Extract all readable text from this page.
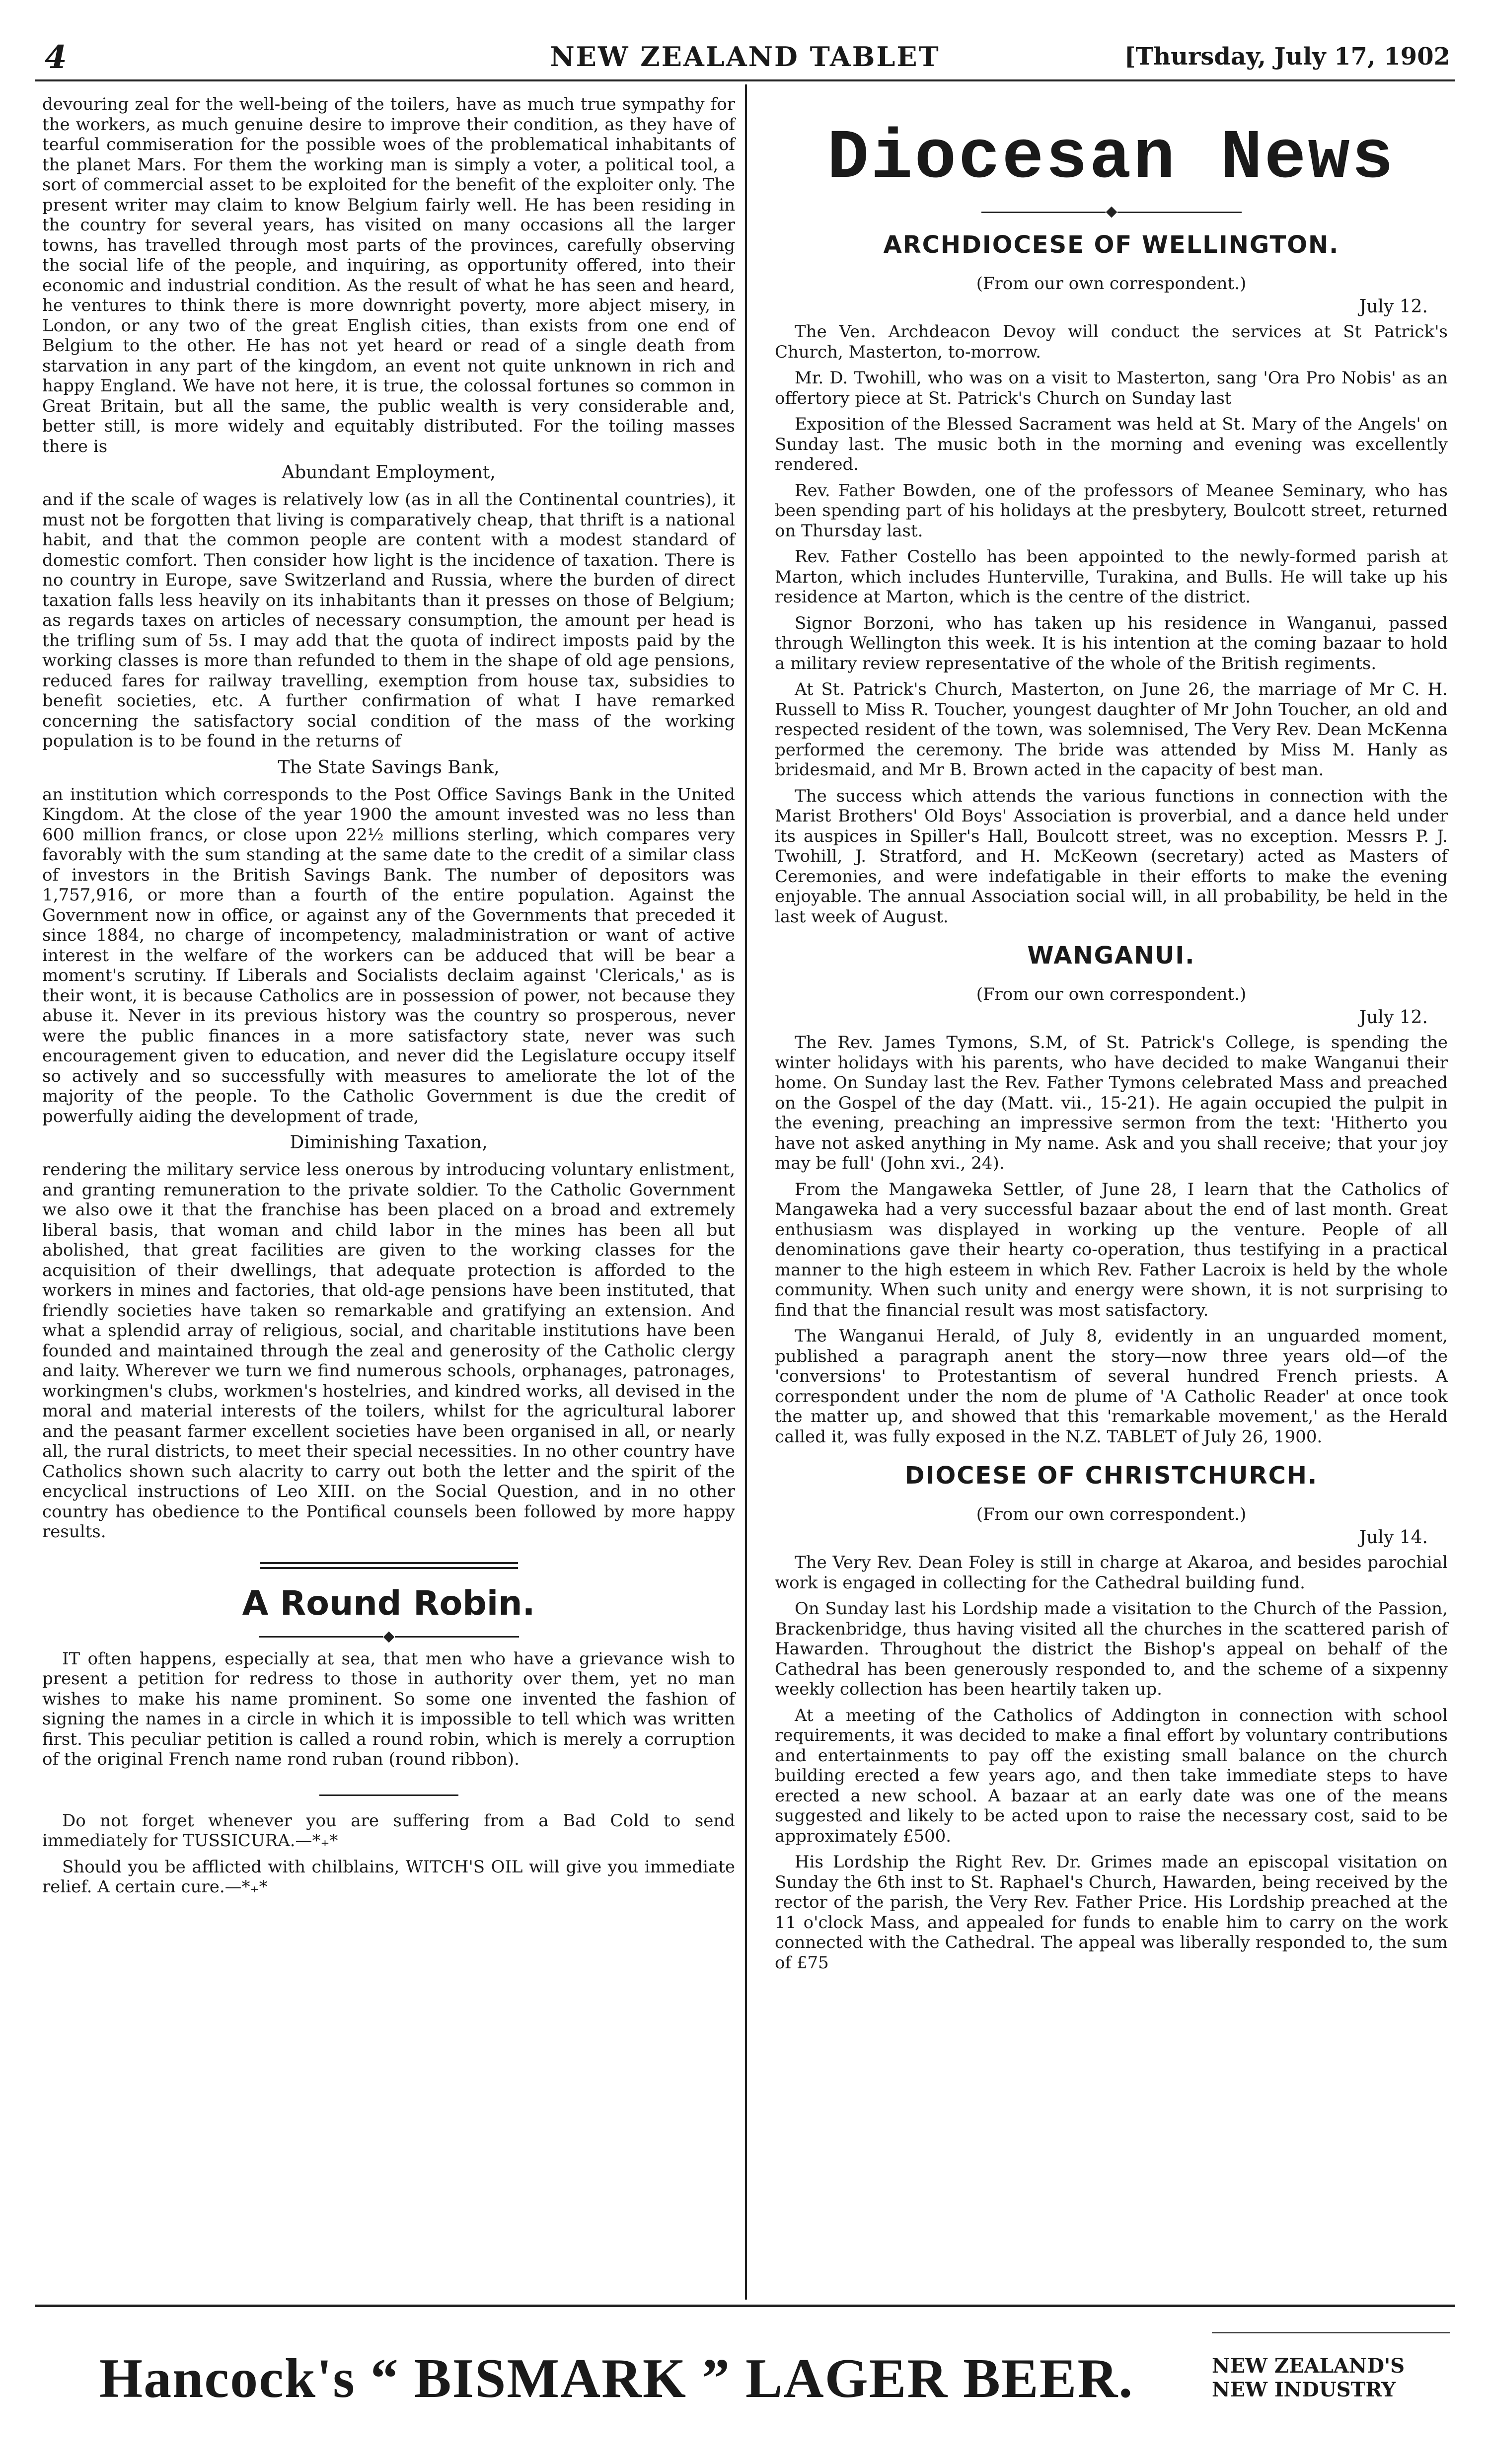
4	NEW ZEALAND TABLET	[Thursday, July 17, 1902

devouring zeal for the well-being of the toilers, have as much true sympathy for the workers, as much genuine desire to improve their condition, as they have of tearful commiseration for the possible woes of the problematical inhabitants of the planet Mars. For them the working man is simply a voter, a political tool, a sort of commercial asset to be exploited for the benefit of the exploiter only. The present writer may claim to know Belgium fairly well. He has been residing in the country for several years, has visited on many occasions all the larger towns, has travelled through most parts of the provinces, carefully observing the social life of the people, and inquiring, as opportunity offered, into their economic and industrial condition. As the result of what he has seen and heard, he ventures to think there is more downright poverty, more abject misery, in London, or any two of the great English cities, than exists from one end of Belgium to the other. He has not yet heard or read of a single death from starvation in any part of the kingdom, an event not quite unknown in rich and happy England. We have not here, it is true, the colossal fortunes so common in Great Britain, but all the same, the public wealth is very considerable and, better still, is more widely and equitably distributed. For the toiling masses there is

Abundant Employment,

and if the scale of wages is relatively low (as in all the Continental countries), it must not be forgotten that living is comparatively cheap, that thrift is a national habit, and that the common people are content with a modest standard of domestic comfort. Then consider how light is the incidence of taxation. There is no country in Europe, save Switzerland and Russia, where the burden of direct taxation falls less heavily on its inhabitants than it presses on those of Belgium; as regards taxes on articles of necessary consumption, the amount per head is the trifling sum of 5s. I may add that the quota of indirect imposts paid by the working classes is more than refunded to them in the shape of old age pensions, reduced fares for railway travelling, exemption from house tax, subsidies to benefit societies, etc. A further confirmation of what I have remarked concerning the satisfactory social condition of the mass of the working population is to be found in the returns of

The State Savings Bank,

an institution which corresponds to the Post Office Savings Bank in the United Kingdom. At the close of the year 1900 the amount invested was no less than 600 million francs, or close upon 22½ millions sterling, which compares very favorably with the sum standing at the same date to the credit of a similar class of investors in the British Savings Bank. The number of depositors was 1,757,916, or more than a fourth of the entire population. Against the Government now in office, or against any of the Governments that preceded it since 1884, no charge of incompetency, maladministration or want of active interest in the welfare of the workers can be adduced that will be bear a moment's scrutiny. If Liberals and Socialists declaim against 'Clericals,' as is their wont, it is because Catholics are in possession of power, not because they abuse it. Never in its previous history was the country so prosperous, never were the public finances in a more satisfactory state, never was such encouragement given to education, and never did the Legislature occupy itself so actively and so successfully with measures to ameliorate the lot of the majority of the people. To the Catholic Government is due the credit of powerfully aiding the development of trade,

Diminishing Taxation,

rendering the military service less onerous by introducing voluntary enlistment, and granting remuneration to the private soldier. To the Catholic Government we also owe it that the franchise has been placed on a broad and extremely liberal basis, that woman and child labor in the mines has been all but abolished, that great facilities are given to the working classes for the acquisition of their dwellings, that adequate protection is afforded to the workers in mines and factories, that old-age pensions have been instituted, that friendly societies have taken so remarkable and gratifying an extension. And what a splendid array of religious, social, and charitable institutions have been founded and maintained through the zeal and generosity of the Catholic clergy and laity. Wherever we turn we find numerous schools, orphanages, patronages, workingmen's clubs, workmen's hostelries, and kindred works, all devised in the moral and material interests of the toilers, whilst for the agricultural laborer and the peasant farmer excellent societies have been organised in all, or nearly all, the rural districts, to meet their special necessities. In no other country have Catholics shown such alacrity to carry out both the letter and the spirit of the encyclical instructions of Leo XIII. on the Social Question, and in no other country has obedience to the Pontifical counsels been followed by more happy results.

A Round Robin.

IT often happens, especially at sea, that men who have a grievance wish to present a petition for redress to those in authority over them, yet no man wishes to make his name prominent. So some one invented the fashion of signing the names in a circle in which it is impossible to tell which was written first. This peculiar petition is called a round robin, which is merely a corruption of the original French name rond ruban (round ribbon).

Do not forget whenever you are suffering from a Bad Cold to send immediately for TUSSICURA.—*₊*

Should you be afflicted with chilblains, WITCH'S OIL will give you immediate relief. A certain cure.—*₊*

Diocesan News
ARCHDIOCESE OF WELLINGTON.
(From our own correspondent.)
July 12.

The Ven. Archdeacon Devoy will conduct the services at St Patrick's Church, Masterton, to-morrow.

Mr. D. Twohill, who was on a visit to Masterton, sang 'Ora Pro Nobis' as an offertory piece at St. Patrick's Church on Sunday last

Exposition of the Blessed Sacrament was held at St. Mary of the Angels' on Sunday last. The music both in the morning and evening was excellently rendered.

Rev. Father Bowden, one of the professors of Meanee Seminary, who has been spending part of his holidays at the presbytery, Boulcott street, returned on Thursday last.

Rev. Father Costello has been appointed to the newly-formed parish at Marton, which includes Hunterville, Turakina, and Bulls. He will take up his residence at Marton, which is the centre of the district.

Signor Borzoni, who has taken up his residence in Wanganui, passed through Wellington this week. It is his intention at the coming bazaar to hold a military review representative of the whole of the British regiments.

At St. Patrick's Church, Masterton, on June 26, the marriage of Mr C. H. Russell to Miss R. Toucher, youngest daughter of Mr John Toucher, an old and respected resident of the town, was solemnised, The Very Rev. Dean McKenna performed the ceremony. The bride was attended by Miss M. Hanly as bridesmaid, and Mr B. Brown acted in the capacity of best man.

The success which attends the various functions in connection with the Marist Brothers' Old Boys' Association is proverbial, and a dance held under its auspices in Spiller's Hall, Boulcott street, was no exception. Messrs P. J. Twohill, J. Stratford, and H. McKeown (secretary) acted as Masters of Ceremonies, and were indefatigable in their efforts to make the evening enjoyable. The annual Association social will, in all probability, be held in the last week of August.

WANGANUI.
(From our own correspondent.)
July 12.

The Rev. James Tymons, S.M, of St. Patrick's College, is spending the winter holidays with his parents, who have decided to make Wanganui their home. On Sunday last the Rev. Father Tymons celebrated Mass and preached on the Gospel of the day (Matt. vii., 15-21). He again occupied the pulpit in the evening, preaching an impressive sermon from the text: 'Hitherto you have not asked anything in My name. Ask and you shall receive; that your joy may be full' (John xvi., 24).

From the Mangaweka Settler, of June 28, I learn that the Catholics of Mangaweka had a very successful bazaar about the end of last month. Great enthusiasm was displayed in working up the venture. People of all denominations gave their hearty co-operation, thus testifying in a practical manner to the high esteem in which Rev. Father Lacroix is held by the whole community. When such unity and energy were shown, it is not surprising to find that the financial result was most satisfactory.

The Wanganui Herald, of July 8, evidently in an unguarded moment, published a paragraph anent the story—now three years old—of the 'conversions' to Protestantism of several hundred French priests. A correspondent under the nom de plume of 'A Catholic Reader' at once took the matter up, and showed that this 'remarkable movement,' as the Herald called it, was fully exposed in the N.Z. TABLET of July 26, 1900.

DIOCESE OF CHRISTCHURCH.
(From our own correspondent.)
July 14.

The Very Rev. Dean Foley is still in charge at Akaroa, and besides parochial work is engaged in collecting for the Cathedral building fund.

On Sunday last his Lordship made a visitation to the Church of the Passion, Brackenbridge, thus having visited all the churches in the scattered parish of Hawarden. Throughout the district the Bishop's appeal on behalf of the Cathedral has been generously responded to, and the scheme of a sixpenny weekly collection has been heartily taken up.

At a meeting of the Catholics of Addington in connection with school requirements, it was decided to make a final effort by voluntary contributions and entertainments to pay off the existing small balance on the church building erected a few years ago, and then take immediate steps to have erected a new school. A bazaar at an early date was one of the means suggested and likely to be acted upon to raise the necessary cost, said to be approximately £500.

His Lordship the Right Rev. Dr. Grimes made an episcopal visitation on Sunday the 6th inst to St. Raphael's Church, Hawarden, being received by the rector of the parish, the Very Rev. Father Price. His Lordship preached at the 11 o'clock Mass, and appealed for funds to enable him to carry on the work connected with the Cathedral. The appeal was liberally responded to, the sum of £75

Hancock's “ BISMARK ” LAGER BEER.	NEW ZEALAND'S
NEW INDUSTRY
